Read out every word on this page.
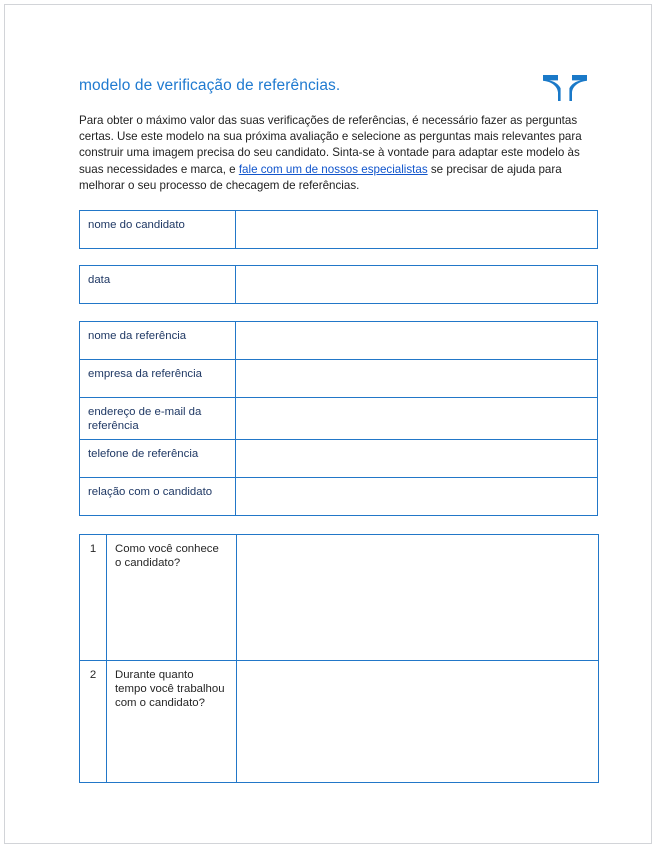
modelo de verificação de referências.
Para obter o máximo valor das suas verificações de referências, é necessário fazer as perguntas certas. Use este modelo na sua próxima avaliação e selecione as perguntas mais relevantes para construir uma imagem precisa do seu candidato. Sinta-se à vontade para adaptar este modelo às suas necessidades e marca, e fale com um de nossos especialistas se precisar de ajuda para melhorar o seu processo de checagem de referências.
nome do candidato	
data	
nome da referência	
empresa da referência	
endereço de e-mail da referência	
telefone de referência	
relação com o candidato	
1	Como você conhece o candidato?	
2	Durante quanto tempo você trabalhou com o candidato?	
